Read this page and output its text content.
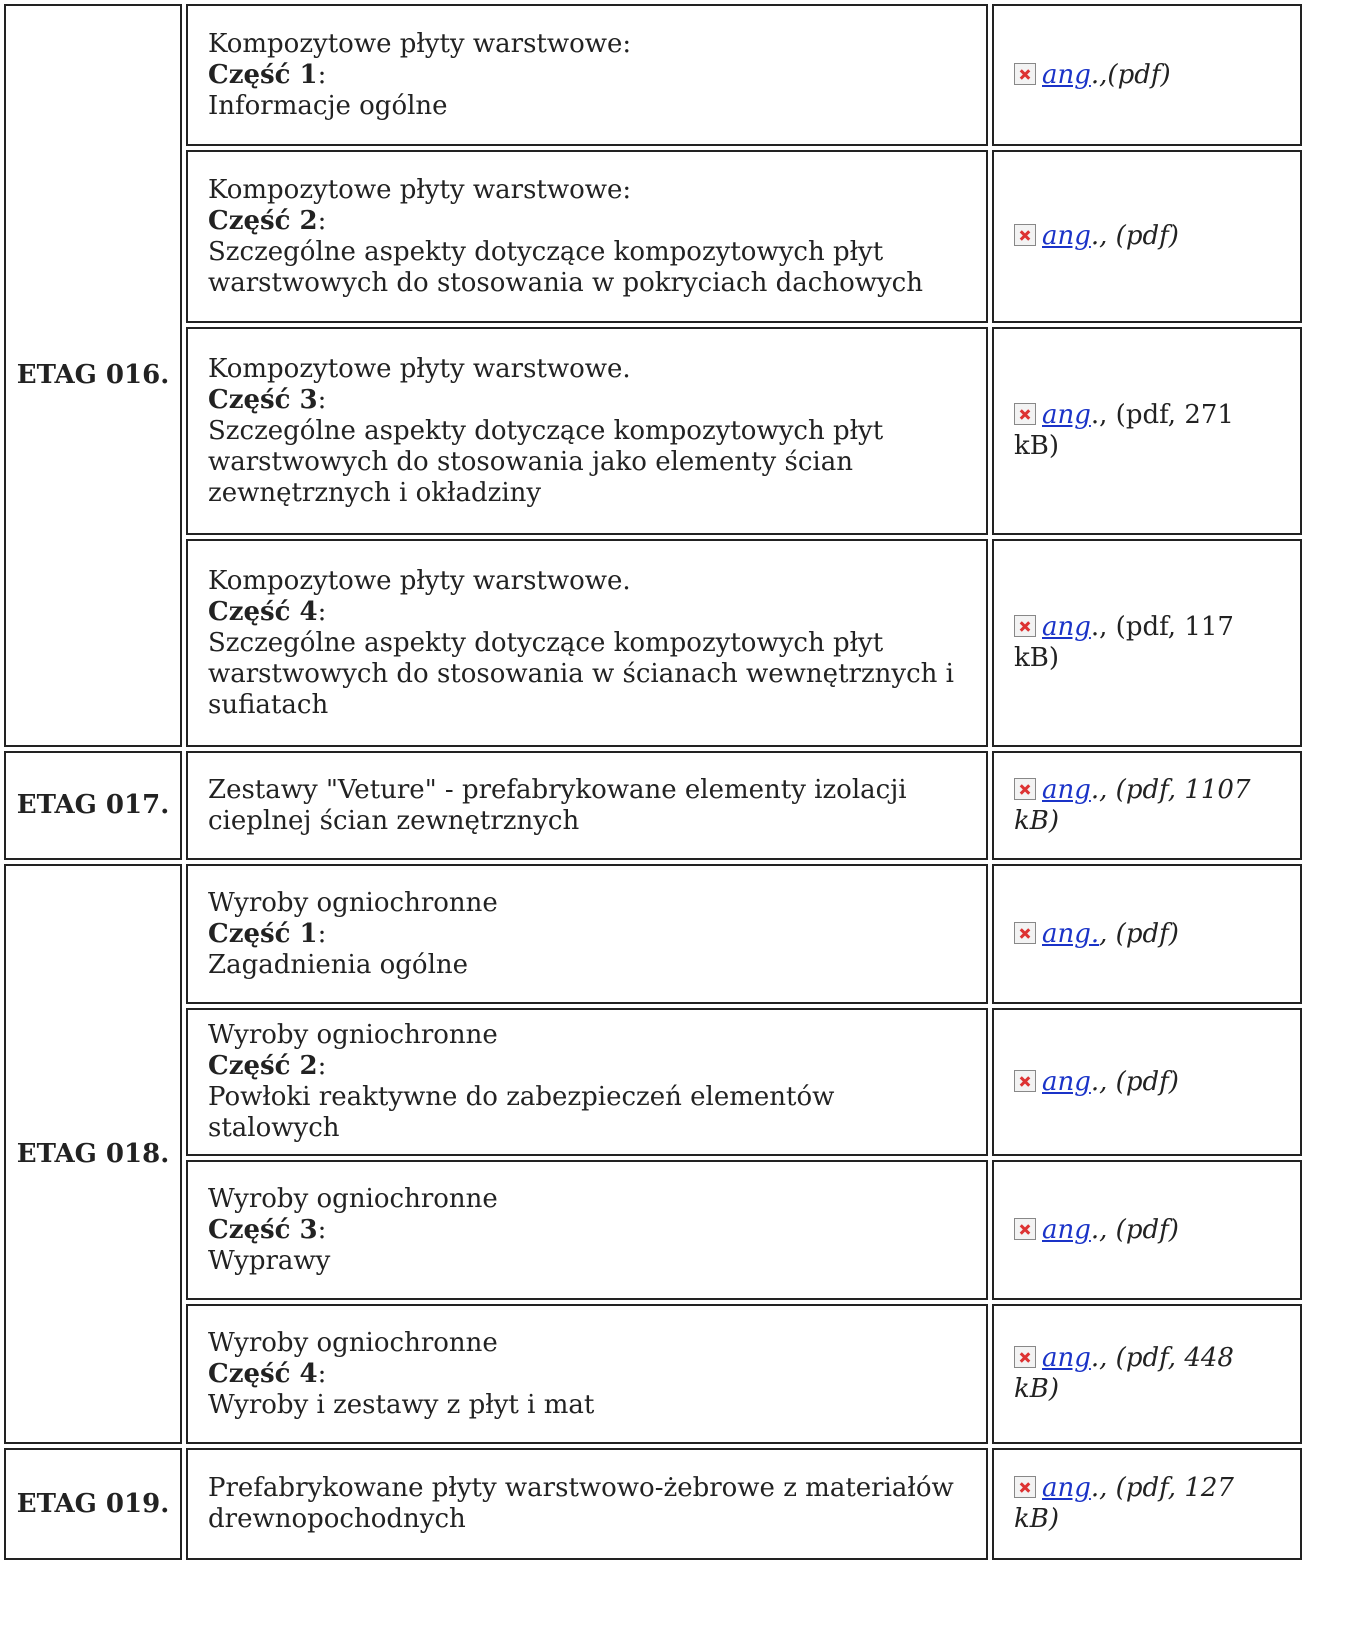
ETAG 016.	Kompozytowe płyty warstwowe:
Część 1:
Informacje ogólne	ang.,(pdf)

	Kompozytowe płyty warstwowe:
Część 2:
Szczególne aspekty dotyczące kompozytowych płyt warstwowych do stosowania w pokryciach dachowych	ang., (pdf)

	Kompozytowe płyty warstwowe.
Część 3:
Szczególne aspekty dotyczące kompozytowych płyt warstwowych do stosowania jako elementy ścian zewnętrznych i okładziny	ang., (pdf, 271 kB)

	Kompozytowe płyty warstwowe.
Część 4:
Szczególne aspekty dotyczące kompozytowych płyt warstwowych do stosowania w ścianach wewnętrznych i sufiatach	ang., (pdf, 117 kB)
ETAG 017.	Zestawy "Veture" - prefabrykowane elementy izolacji cieplnej ścian zewnętrznych	ang., (pdf, 1107 kB)
ETAG 018.	Wyroby ogniochronne
Część 1:
Zagadnienia ogólne	ang., (pdf)

	Wyroby ogniochronne
Część 2:
Powłoki reaktywne do zabezpieczeń elementów stalowych	ang., (pdf)

	Wyroby ogniochronne
Część 3:
Wyprawy	ang., (pdf)

	Wyroby ogniochronne
Część 4:
Wyroby i zestawy z płyt i mat	ang., (pdf, 448 kB)
ETAG 019.	Prefabrykowane płyty warstwowo-żebrowe z materiałów drewnopochodnych	ang., (pdf, 127 kB)
